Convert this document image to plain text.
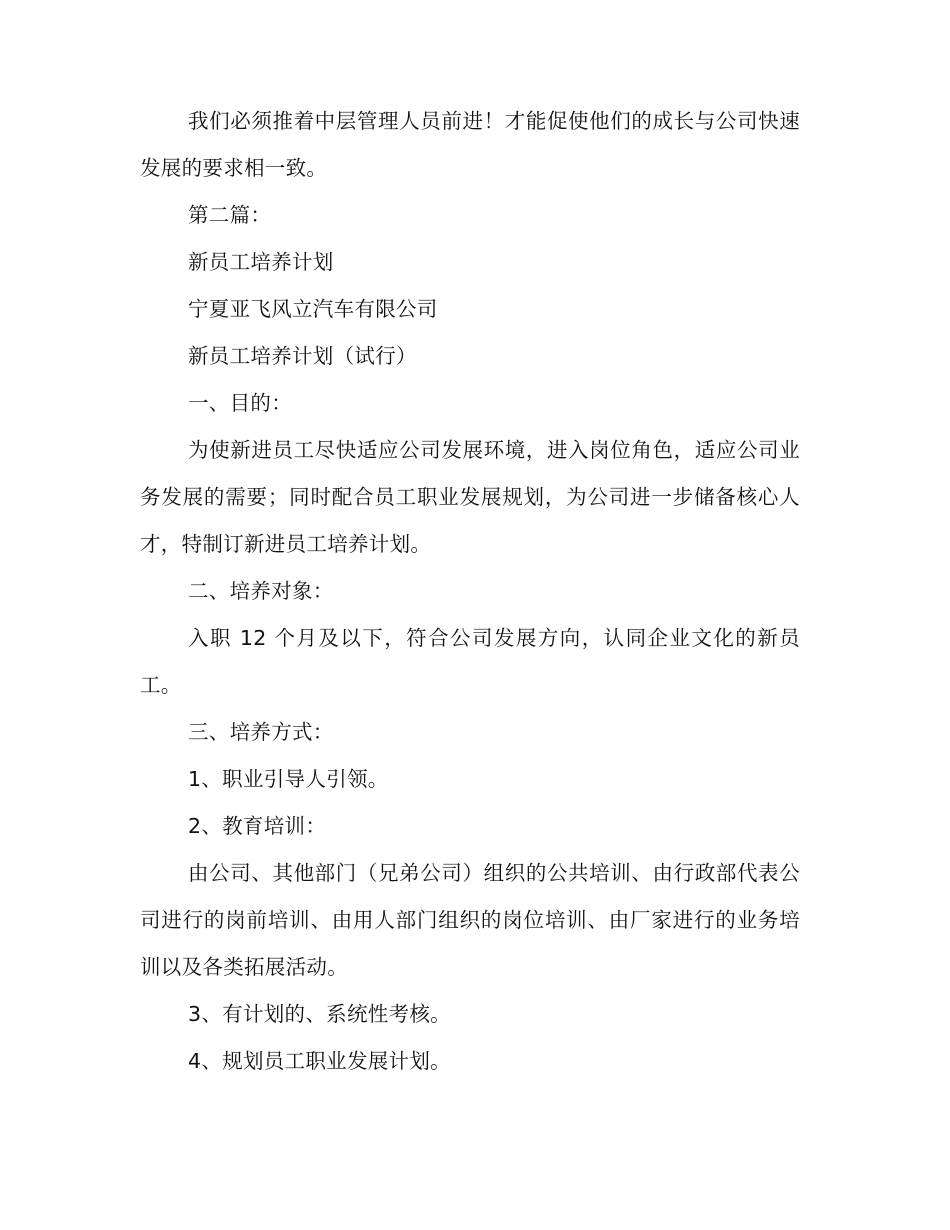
我们必须推着中层管理人员前进！才能促使他们的成长与公司快速发展的要求相一致。

第二篇：

新员工培养计划

宁夏亚飞风立汽车有限公司

新员工培养计划（试行）

一、目的：

为使新进员工尽快适应公司发展环境，进入岗位角色，适应公司业务发展的需要；同时配合员工职业发展规划，为公司进一步储备核心人才，特制订新进员工培养计划。

二、培养对象：

入职 12 个月及以下，符合公司发展方向，认同企业文化的新员工。

三、培养方式：

1、职业引导人引领。

2、教育培训：

由公司、其他部门（兄弟公司）组织的公共培训、由行政部代表公司进行的岗前培训、由用人部门组织的岗位培训、由厂家进行的业务培训以及各类拓展活动。

3、有计划的、系统性考核。

4、规划员工职业发展计划。
